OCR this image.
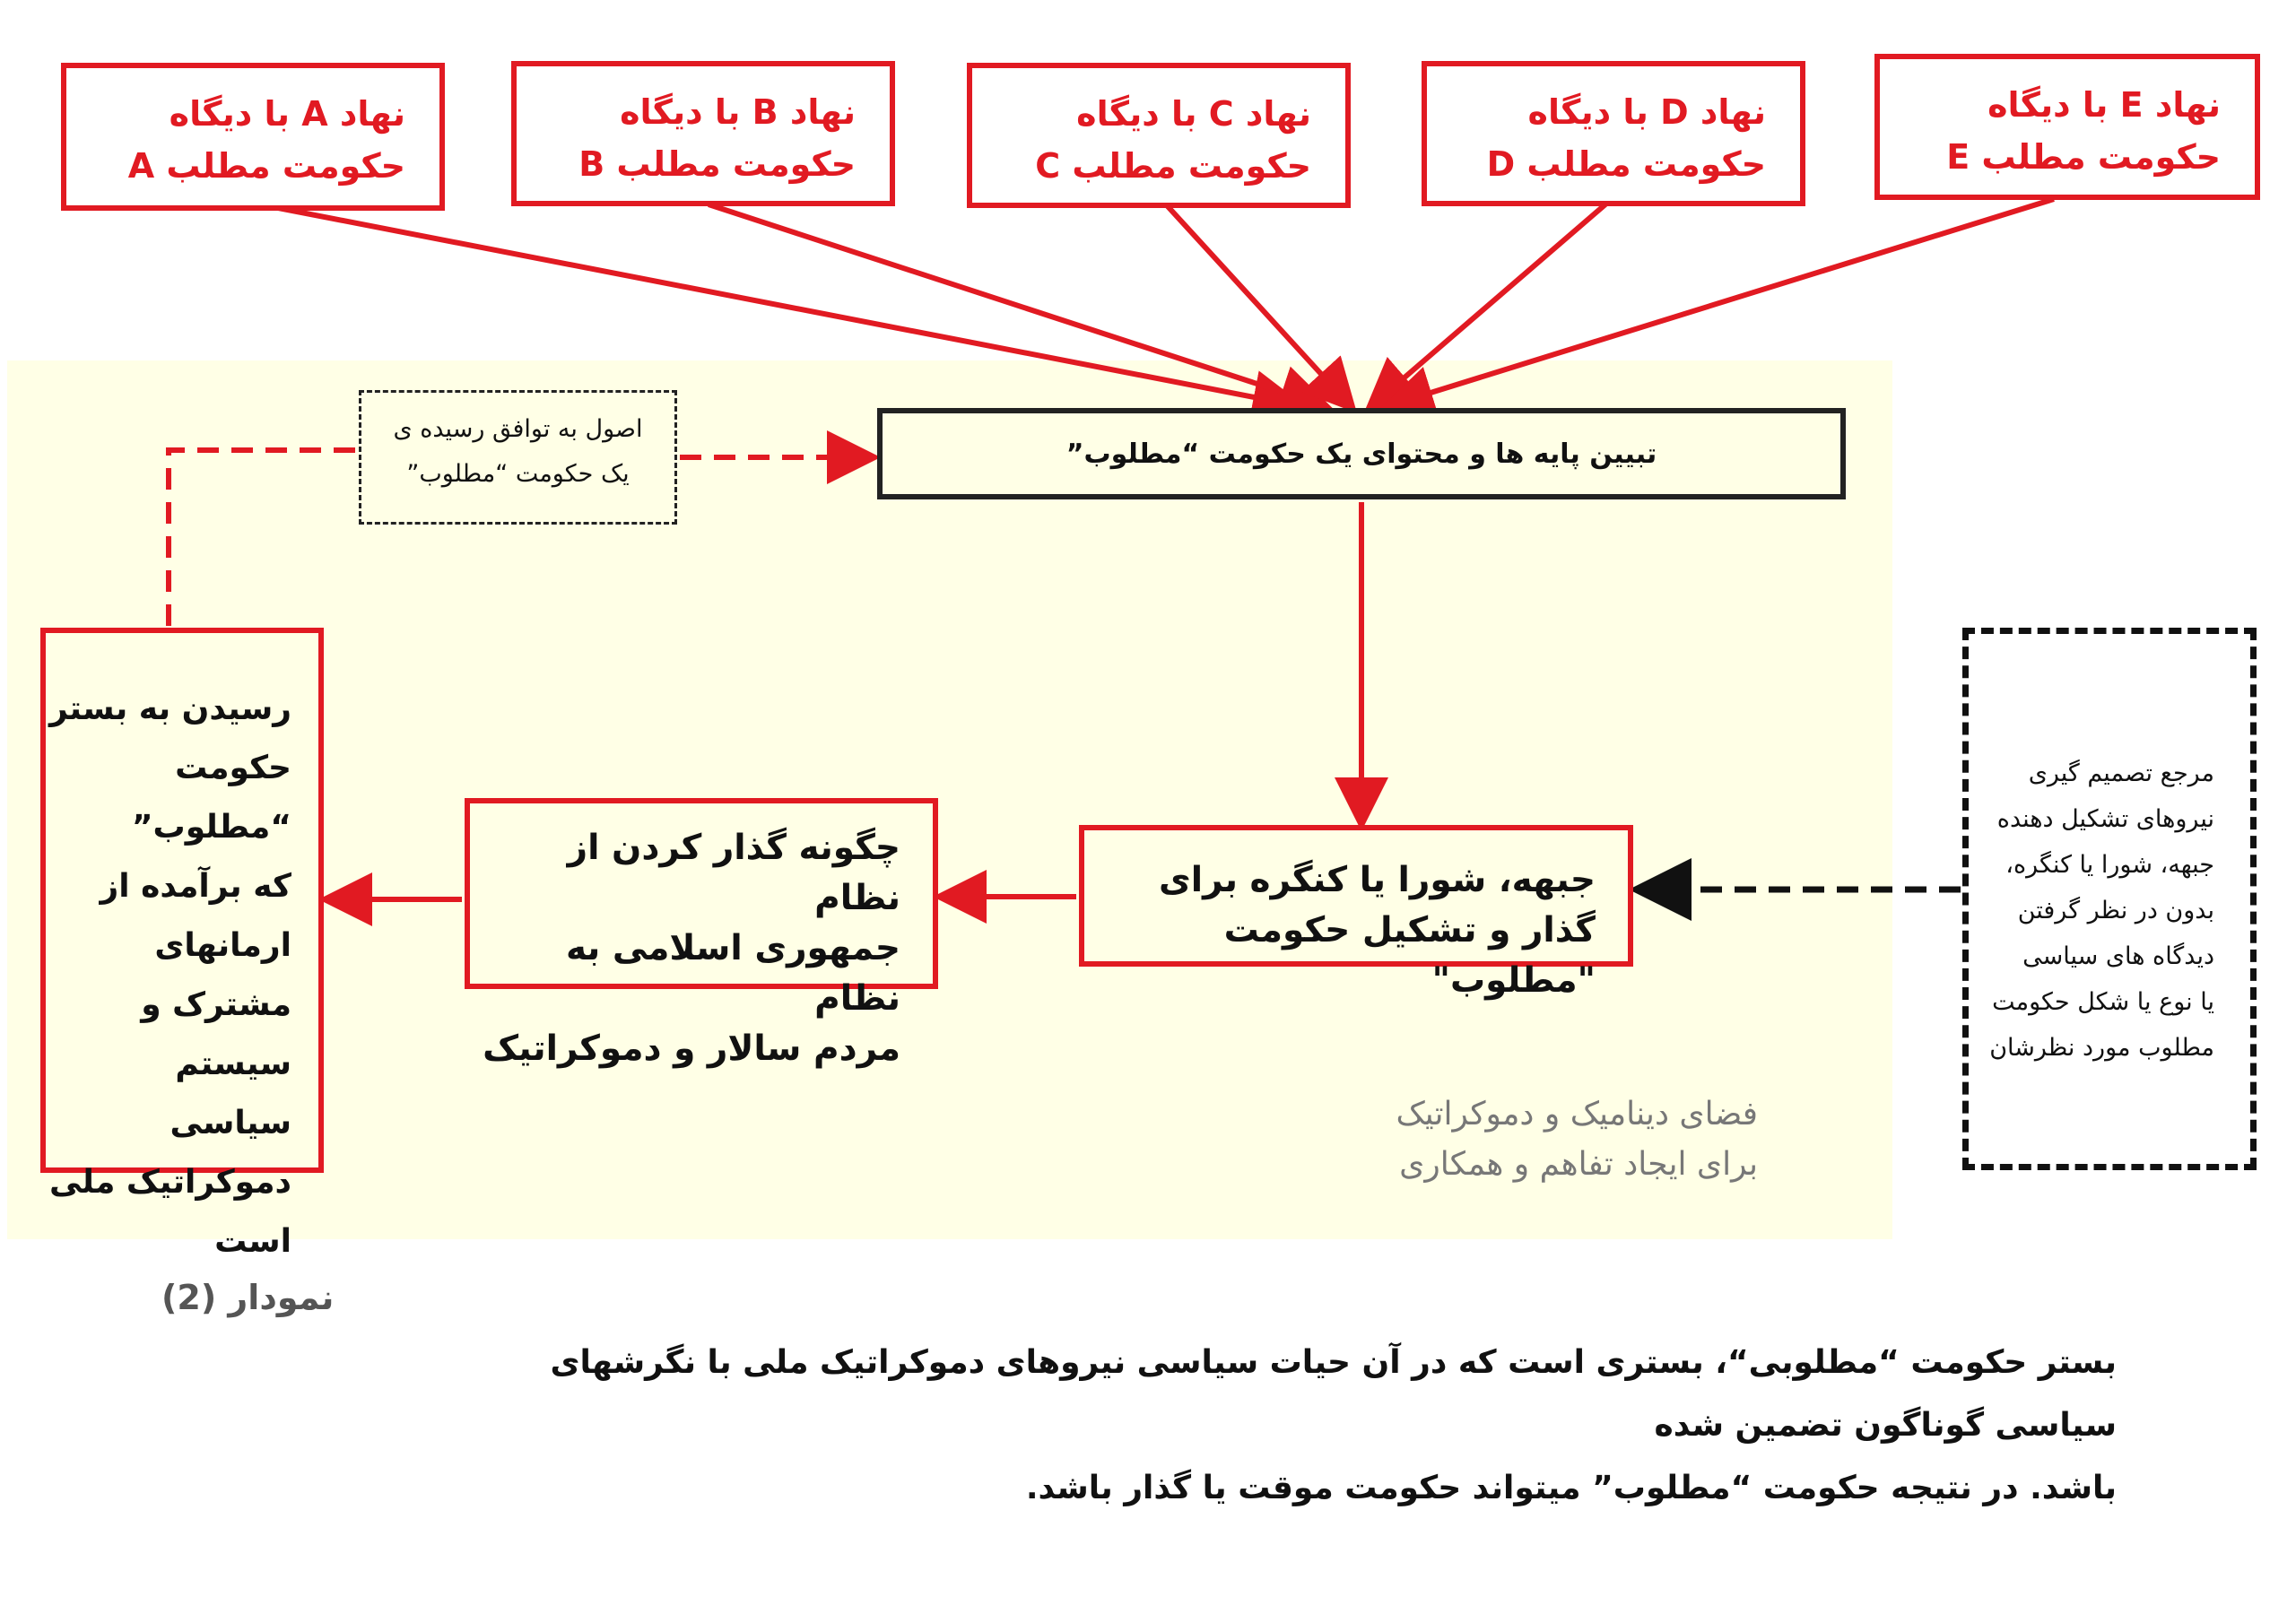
نهاد A با دیگاه
حکومت مطلب A
نهاد B با دیگاه
حکومت مطلب B
نهاد C با دیگاه
حکومت مطلب C
نهاد D با دیگاه
حکومت مطلب D
نهاد E با دیگاه
حکومت مطلب E
تبیین پایه ها و محتوای یک حکومت “مطلوب”
اصول به توافق رسیده ی
یک حکومت “مطلوب”
جبهه، شورا یا کنگره برای
گذار و تشکیل حکومت "مطلوب"
چگونه گذار کردن از نظام
جمهوری اسلامی به نظام
مردم سالار و دموکراتیک
رسیدن به بستر
حکومت “مطلوب”
که برآمده از
ارمانهای مشترک و
سیستم سیاسی
دموکراتیک ملی
است
مرجع تصمیم گیری
نیروهای تشکیل دهنده
جبهه، شورا یا کنگره،
بدون در نظر گرفتن
دیدگاه های سیاسی
یا نوع یا شکل حکومت
مطلوب مورد نظرشان
فضای دینامیک و دموکراتیک
برای ایجاد تفاهم و همکاری
نمودار (2)
بستر حکومت “مطلوبی“، بستری است که در آن حیات سیاسی نیروهای دموکراتیک ملی با نگرشهای سیاسی گوناگون تضمین شده
باشد. در نتیجه حکومت “مطلوب” میتواند حکومت موقت یا گذار باشد.
